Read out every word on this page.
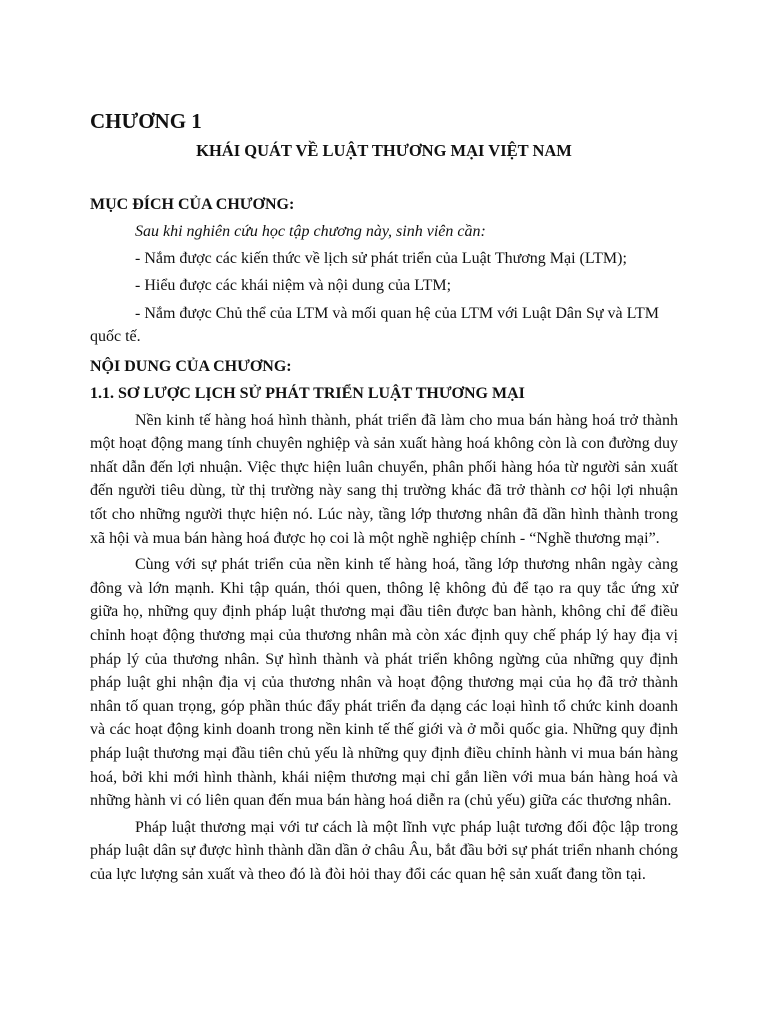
CHƯƠNG 1
KHÁI QUÁT VỀ LUẬT THƯƠNG MẠI VIỆT NAM
MỤC ĐÍCH CỦA CHƯƠNG:

Sau khi nghiên cứu học tập chương này, sinh viên cần:

- Nắm được các kiến thức về lịch sử phát triển của Luật Thương Mại (LTM);

- Hiểu được các khái niệm và nội dung của LTM;

- Nắm được Chủ thể của LTM và mối quan hệ của LTM với Luật Dân Sự và LTM quốc tế.

NỘI DUNG CỦA CHƯƠNG:
1.1. SƠ LƯỢC LỊCH SỬ PHÁT TRIỂN LUẬT THƯƠNG MẠI

Nền kinh tế hàng hoá hình thành, phát triển đã làm cho mua bán hàng hoá trở thành một hoạt động mang tính chuyên nghiệp và sản xuất hàng hoá không còn là con đường duy nhất dẫn đến lợi nhuận. Việc thực hiện luân chuyển, phân phối hàng hóa từ người sản xuất đến người tiêu dùng, từ thị trường này sang thị trường khác đã trở thành cơ hội lợi nhuận tốt cho những người thực hiện nó. Lúc này, tầng lớp thương nhân đã dần hình thành trong xã hội và mua bán hàng hoá được họ coi là một nghề nghiệp chính - “Nghề thương mại”.

Cùng với sự phát triển của nền kinh tế hàng hoá, tầng lớp thương nhân ngày càng đông và lớn mạnh. Khi tập quán, thói quen, thông lệ không đủ để tạo ra quy tắc ứng xử giữa họ, những quy định pháp luật thương mại đầu tiên được ban hành, không chỉ để điều chỉnh hoạt động thương mại của thương nhân mà còn xác định quy chế pháp lý hay địa vị pháp lý của thương nhân. Sự hình thành và phát triển không ngừng của những quy định pháp luật ghi nhận địa vị của thương nhân và hoạt động thương mại của họ đã trở thành nhân tố quan trọng, góp phần thúc đẩy phát triển đa dạng các loại hình tổ chức kinh doanh và các hoạt động kinh doanh trong nền kinh tế thế giới và ở mỗi quốc gia. Những quy định pháp luật thương mại đầu tiên chủ yếu là những quy định điều chỉnh hành vi mua bán hàng hoá, bởi khi mới hình thành, khái niệm thương mại chỉ gắn liền với mua bán hàng hoá và những hành vi có liên quan đến mua bán hàng hoá diễn ra (chủ yếu) giữa các thương nhân.

Pháp luật thương mại với tư cách là một lĩnh vực pháp luật tương đối độc lập trong pháp luật dân sự được hình thành dần dần ở châu Âu, bắt đầu bởi sự phát triển nhanh chóng của lực lượng sản xuất và theo đó là đòi hỏi thay đổi các quan hệ sản xuất đang tồn tại.
